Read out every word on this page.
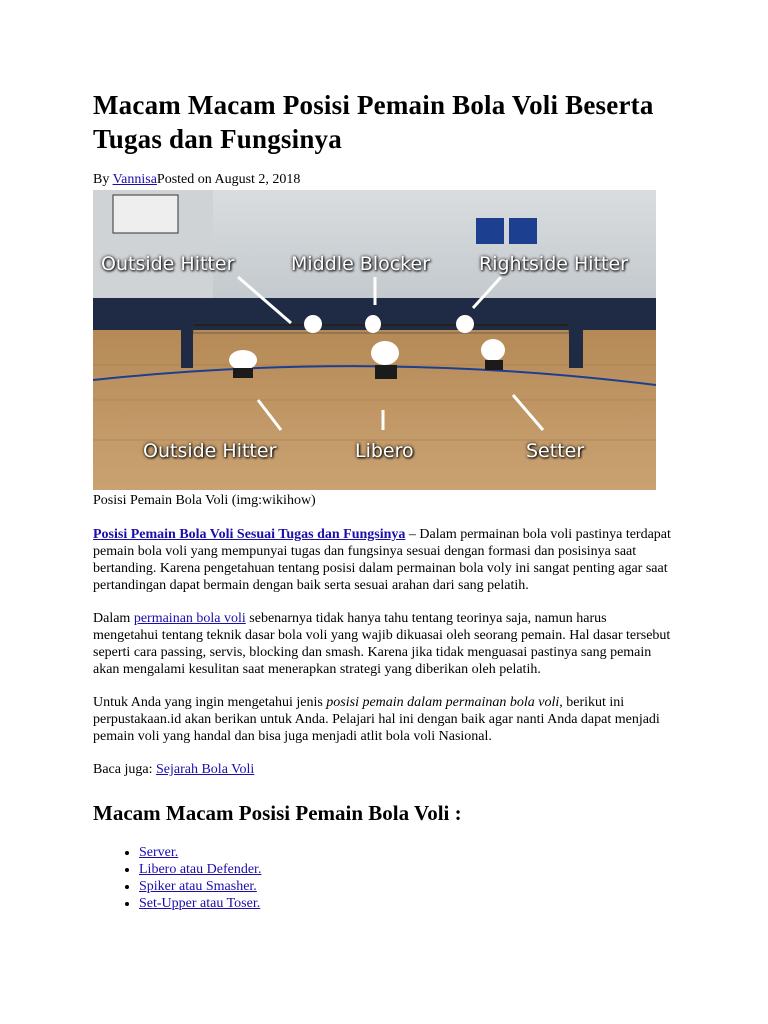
Macam Macam Posisi Pemain Bola Voli Beserta Tugas dan Fungsinya
By VannisaPosted on August 2, 2018
Outside Hitter	Middle Blocker	Rightside Hitter
Outside Hitter	Libero	Setter
Posisi Pemain Bola Voli (img:wikihow)

Posisi Pemain Bola Voli Sesuai Tugas dan Fungsinya – Dalam permainan bola voli pastinya terdapat pemain bola voli yang mempunyai tugas dan fungsinya sesuai dengan formasi dan posisinya saat bertanding. Karena pengetahuan tentang posisi dalam permainan bola voly ini sangat penting agar saat pertandingan dapat bermain dengan baik serta sesuai arahan dari sang pelatih.

Dalam permainan bola voli sebenarnya tidak hanya tahu tentang teorinya saja, namun harus mengetahui tentang teknik dasar bola voli yang wajib dikuasai oleh seorang pemain. Hal dasar tersebut seperti cara passing, servis, blocking dan smash. Karena jika tidak menguasai pastinya sang pemain akan mengalami kesulitan saat menerapkan strategi yang diberikan oleh pelatih.

Untuk Anda yang ingin mengetahui jenis posisi pemain dalam permainan bola voli, berikut ini perpustakaan.id akan berikan untuk Anda. Pelajari hal ini dengan baik agar nanti Anda dapat menjadi pemain voli yang handal dan bisa juga menjadi atlit bola voli Nasional.

Baca juga: Sejarah Bola Voli

Macam Macam Posisi Pemain Bola Voli :
• Server.
• Libero atau Defender.
• Spiker atau Smasher.
• Set-Upper atau Toser.
